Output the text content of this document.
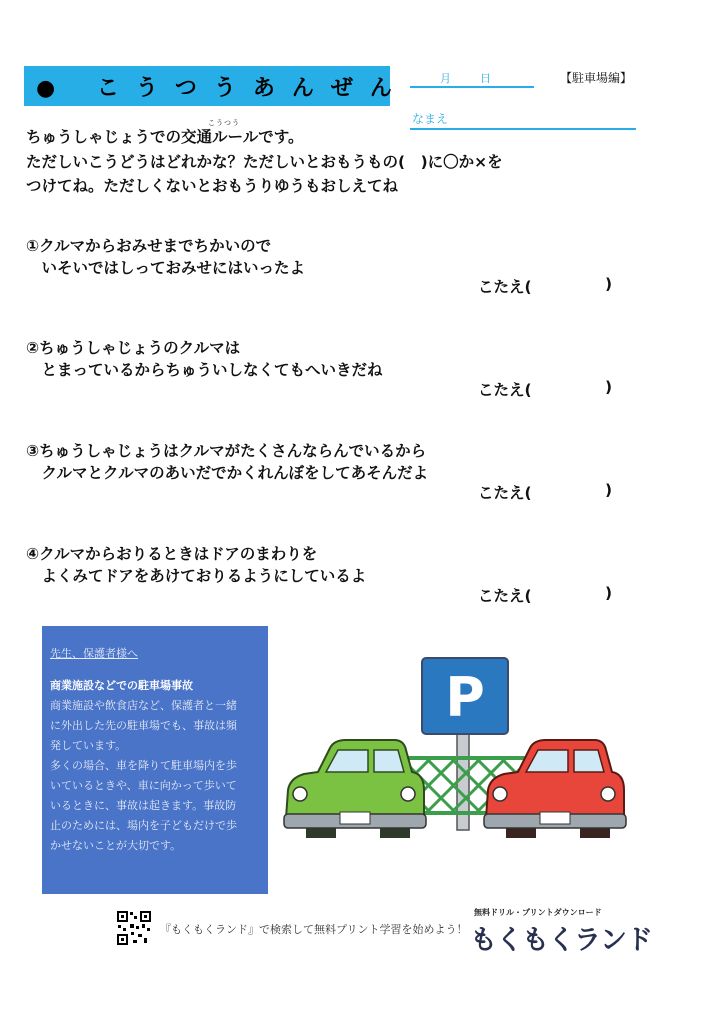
● こうつうあんぜん	月	日	【駐車場編】
なまえ
こうつう
ちゅうしゃじょうでの交通ルールです。
ただしいこうどうはどれかな？ただしいとおもうもの(　)に〇か×を
つけてね。ただしくないとおもうりゆうもおしえてね
①クルマからおみせまでちかいので
　いそいではしっておみせにはいったよ
こたえ(	)
②ちゅうしゃじょうのクルマは
　とまっているからちゅういしなくてもへいきだね
こたえ(	)
③ちゅうしゃじょうはクルマがたくさんならんでいるから
　クルマとクルマのあいだでかくれんぼをしてあそんだよ
こたえ(	)
④クルマからおりるときはドアのまわりを
　よくみてドアをあけておりるようにしているよ
こたえ(	)
先生、保護者様へ
商業施設などでの駐車場事故
商業施設や飲食店など、保護者と一緒
に外出した先の駐車場でも、事故は頻
発しています。
多くの場合、車を降りて駐車場内を歩
いているときや、車に向かって歩いて
いるときに、事故は起きます。事故防
止のためには、場内を子どもだけで歩
かせないことが大切です。
P
『もくもくランド』で検索して無料プリント学習を始めよう！
無料ドリル・プリントダウンロード
もくもくランド
